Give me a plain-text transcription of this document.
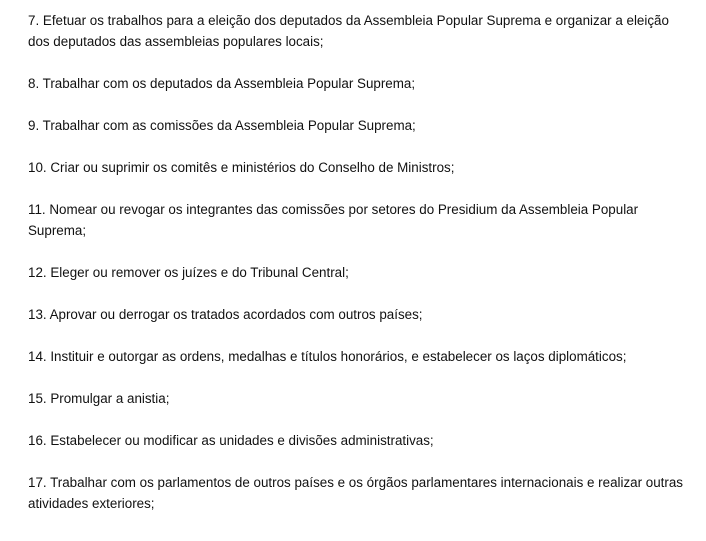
7. Efetuar os trabalhos para a eleição dos deputados da Assembleia Popular Suprema e organizar a eleição dos deputados das assembleias populares locais;

8. Trabalhar com os deputados da Assembleia Popular Suprema;

9. Trabalhar com as comissões da Assembleia Popular Suprema;

10. Criar ou suprimir os comitês e ministérios do Conselho de Ministros;

11. Nomear ou revogar os integrantes das comissões por setores do Presidium da Assembleia Popular Suprema;

12. Eleger ou remover os juízes e do Tribunal Central;

13. Aprovar ou derrogar os tratados acordados com outros países;

14. Instituir e outorgar as ordens, medalhas e títulos honorários, e estabelecer os laços diplomáticos;

15. Promulgar a anistia;

16. Estabelecer ou modificar as unidades e divisões administrativas;

17. Trabalhar com os parlamentos de outros países e os órgãos parlamentares internacionais e realizar outras atividades exteriores;
